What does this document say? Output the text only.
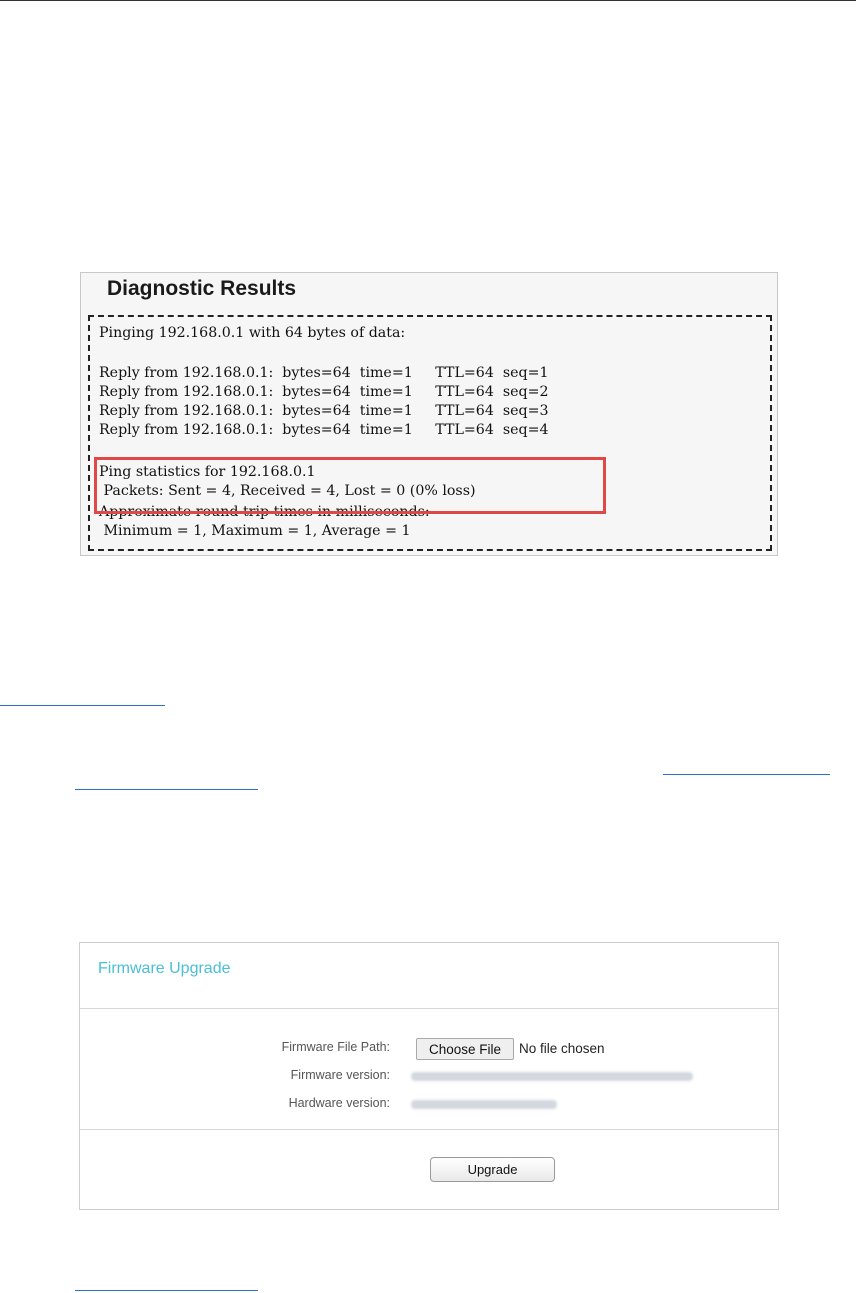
Diagnostic Results
Pinging 192.168.0.1 with 64 bytes of data:
Reply from 192.168.0.1:  bytes=64  time=1     TTL=64  seq=1
Reply from 192.168.0.1:  bytes=64  time=1     TTL=64  seq=2
Reply from 192.168.0.1:  bytes=64  time=1     TTL=64  seq=3
Reply from 192.168.0.1:  bytes=64  time=1     TTL=64  seq=4
Ping statistics for 192.168.0.1
Packets: Sent = 4, Received = 4, Lost = 0 (0% loss)
Approximate round trip times in milliseconds:
Minimum = 1, Maximum = 1, Average = 1
Firmware Upgrade
Firmware File Path:	Choose File	No file chosen
Firmware version:
Hardware version:
Upgrade
